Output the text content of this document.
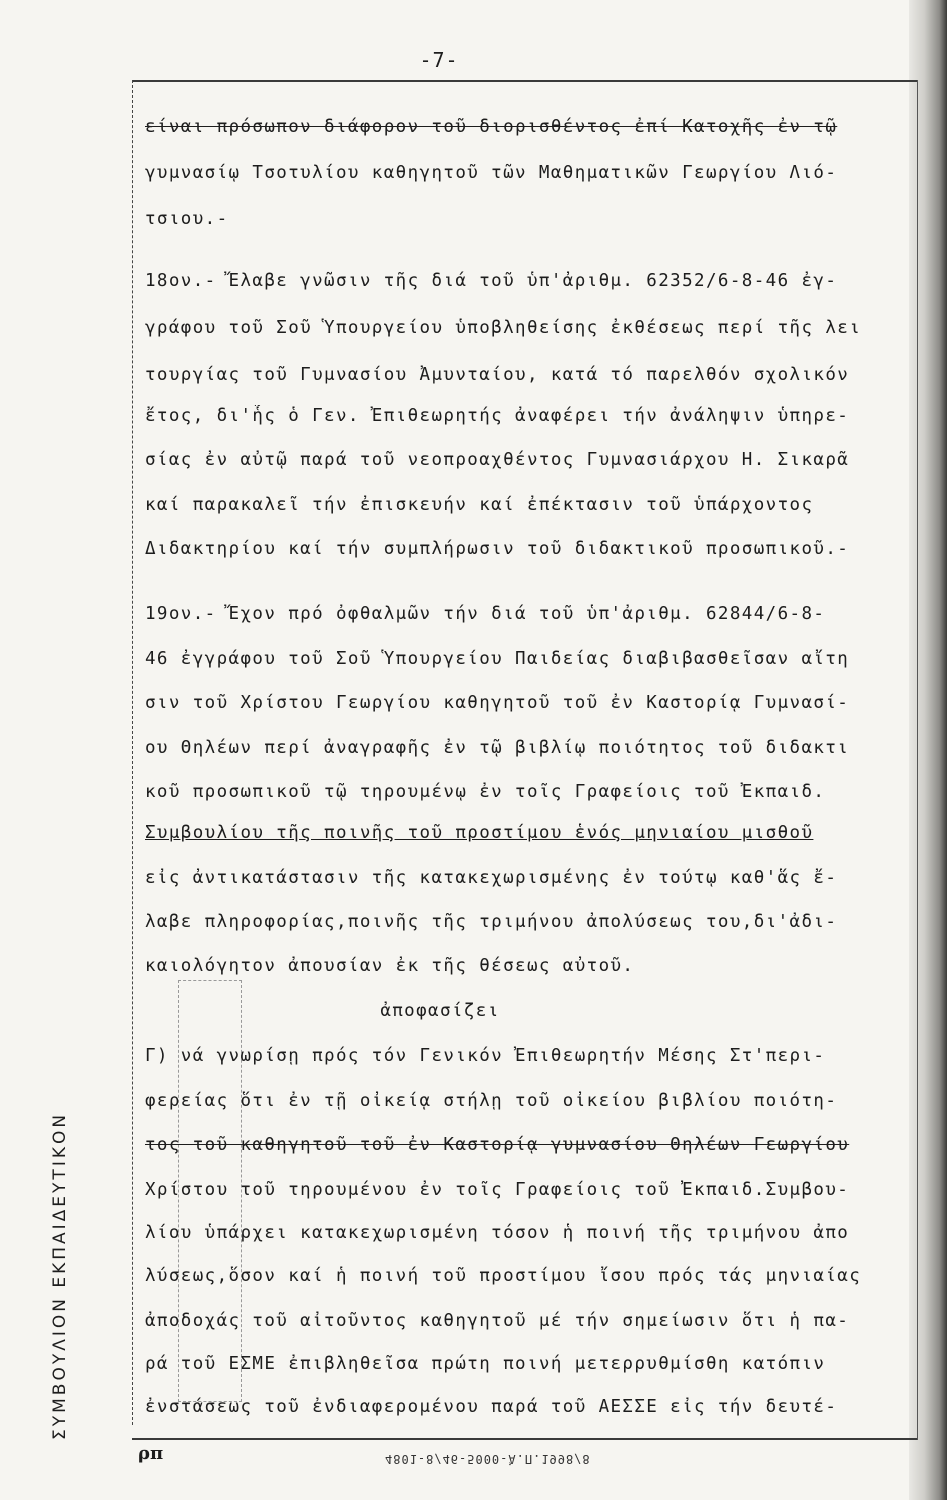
ΣΥΜΒΟΥΛΙΟΝ ΕΚΠΑΙΔΕΥΤΙΚΟΝ
-7-
είναι πρόσωπον διάφορον τοῦ διορισθέντος ἐπί Κατοχῆς ἐν τῷ
γυμνασίῳ Τσοτυλίου καθηγητοῦ τῶν Μαθηματικῶν Γεωργίου Λιό-
τσιου.-
18ον.- Ἔλαβε γνῶσιν τῆς διά τοῦ ὑπ'ἀριθμ. 62352/6-8-46 ἐγ-
γράφου τοῦ Σοῦ Ὑπουργείου ὑποβληθείσης ἐκθέσεως περί τῆς λει
τουργίας τοῦ Γυμνασίου Ἀμυνταίου, κατά τό παρελθόν σχολικόν
ἔτος, δι'ἧς ὁ Γεν. Ἐπιθεωρητής ἀναφέρει τήν ἀνάληψιν ὑπηρε-
σίας ἐν αὐτῷ παρά τοῦ νεοπροαχθέντος Γυμνασιάρχου Η. Σικαρᾶ
καί παρακαλεῖ τήν ἐπισκευήν καί ἐπέκτασιν τοῦ ὑπάρχοντος
Διδακτηρίου καί τήν συμπλήρωσιν τοῦ διδακτικοῦ προσωπικοῦ.-
19ον.- Ἔχον πρό ὀφθαλμῶν τήν διά τοῦ ὑπ'ἀριθμ. 62844/6-8-
46 ἐγγράφου τοῦ Σοῦ Ὑπουργείου Παιδείας διαβιβασθεῖσαν αἴτη
σιν τοῦ Χρίστου Γεωργίου καθηγητοῦ τοῦ ἐν Καστορίᾳ Γυμνασί-
ου Θηλέων περί ἀναγραφῆς ἐν τῷ βιβλίῳ ποιότητος τοῦ διδακτι
κοῦ προσωπικοῦ τῷ τηρουμένῳ ἐν τοῖς Γραφείοις τοῦ Ἐκπαιδ.
Συμβουλίου τῆς ποινῆς τοῦ προστίμου ἑνός μηνιαίου μισθοῦ
εἰς ἀντικατάστασιν τῆς κατακεχωρισμένης ἐν τούτῳ καθ'ἅς ἔ-
λαβε πληροφορίας,ποινῆς τῆς τριμήνου ἀπολύσεως του,δι'ἀδι-
καιολόγητον ἀπουσίαν ἐκ τῆς θέσεως αὐτοῦ.
ἀποφασίζει
Γ) νά γνωρίσῃ πρός τόν Γενικόν Ἐπιθεωρητήν Μέσης Στ'περι-
φερείας ὅτι ἐν τῇ οἰκείᾳ στήλῃ τοῦ οἰκείου βιβλίου ποιότη-
τος τοῦ καθηγητοῦ τοῦ ἐν Καστορίᾳ γυμνασίου Θηλέων Γεωργίου
Χρίστου τοῦ τηρουμένου ἐν τοῖς Γραφείοις τοῦ Ἐκπαιδ.Συμβου-
λίου ὑπάρχει κατακεχωρισμένη τόσον ἡ ποινή τῆς τριμήνου ἀπο
λύσεως,ὅσον καί ἡ ποινή τοῦ προστίμου ἴσου πρός τάς μηνιαίας
ἀποδοχάς τοῦ αἰτοῦντος καθηγητοῦ μέ τήν σημείωσιν ὅτι ἡ πα-
ρά τοῦ ΕΣΜΕ ἐπιβληθεῖσα πρώτη ποινή μετερρυθμίσθη κατόπιν
ἐνστάσεως τοῦ ἐνδιαφερομένου παρά τοῦ ΑΕΣΣΕ εἰς τήν δευτέ-
ρπ	4801-8/46-5000-Ἀ.Π.1998/8
